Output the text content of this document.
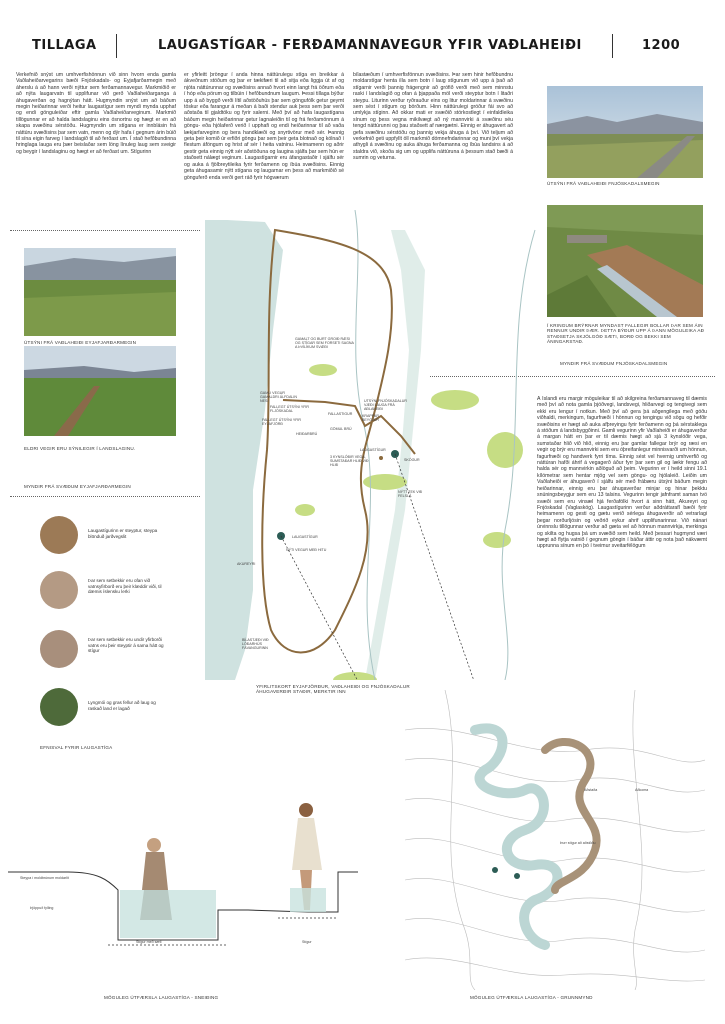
TILLAGA	LAUGASTÍGAR - FERÐAMANNAVEGUR YFIR VAÐLAHEIÐI	1200

Verkefnið snýst um umhverfishönnun við sinn hvorn enda gamla Vaðlaheiðarvegarins bæði Fnjóskadals- og Eyjafjarðarmegin með áherslu á að hann verði nýttur sem ferðamannavegur. Markmiðið er að nýta laugarvatn til upplifunar við gerð Vaðlaheiðarganga á áhugaverðan og hagnýtan hátt. Hugmyndin snýst um að báðum megin heiðarinnar verði heitur laugastígur sem myndi mynda upphaf og endi gönguleiðar eftir gamla Vaðlaheiðarveginum. Markmið tillögunnar er að halda landslaginu eins ósnortnu og hægt er en að skapa svæðinu sérstöðu. Hugmyndin um stígana er innblásin frá náttúru svæðisins þar sem vatn, menn og dýr hafa í gegnum árin búið til sína eigin farveg í landslagið til að ferðast um. Í stað hefðbundinna hringlaga lauga eru þær beislaðar sem löng línuleg laug sem sveigir og beygir í landslaginu og hægt er að ferðast um. Stígurinn

er yfirleitt þröngur í anda hinna náttúrulegu stíga en breikkar á ákveðnum stöðum og þar er tækifæri til að sitja eða liggja út af og njóta náttúrunnar og svæðisins annað hvort einn langt frá öðrum eða í hóp eða pörum og tilbúin í hefðbundnum laugum. Þessi tillaga býður upp á að byggð verði lítil aðstöðuhús þar sem göngufólk getur geymt töskur eða farangur á meðan á baði stendur auk þess sem þar verði aðstaða til gjaldtöku og fyrir salerni. Með því að hafa laugastígana báðum megin heiðarinnar getur lagnaleiðin til og frá ferðamönnum á göngu- eða hjólaferð verið í upphafi og endi heiðarinnar til að vaða lækjarfarveginn og bera handklæði og snyrtivörur með sér. Þannig geta þeir komið úr erfiðri göngu þar sem þeir geta blotnað og kólnað í flestum áföngum og hrist af sér í heita vatninu. Heimamenn og aðrir gestir geta einnig nýtt sér aðstöðuna og laugina sjálfa þar sem hún er staðsett nálægt veginum. Laugastígarnir eru áfangastaðir í sjálfu sér og auka á fjölbreytileika fyrir ferðamenn og íbúa svæðisins. Einnig geta áhugasamir nýtt stígana og laugarnar en þess að markmiðið sé gönguferð enda verði gert ráð fyrir hógværum

bílastæðum í umhverfisfönnun svæðisins. Þar sem hinir hefðbundnu moldarstígar henta illa sem botn í laug stígunum við upp á það að stígarnir verði þannig frágengnir að grófið verði með sem minnstu raski í landslagið og ofan á þjappaða möl verði steyptur botn í litaðri steypu. Liturinn verður ryðrauður eins og litur moldarinnar á svæðinu sem sést í stígum og börðum. Hinn náttúrulegi gróður fái svo að umlykja stíginn. Að okkar mati er svæðið stórkostlegt í einfaldleika sínum og þess vegna mikilvægt að ný mannvirki á svæðinu séu tengd náttúrunni og þau staðsett af nærgætni. Einnig er áhugavert að gefa svæðinu sérstöðu og þannig vekja áhuga á því. Við teljum að verkefnið geti uppfyllt öll markmið dómnefndarinnar og muni því vekja athygli á svæðinu og auka áhuga ferðamanna og íbúa landsins á að staldra við, skoða sig um og upplifa náttúruna á þessum stað bæði á sumrin og veturna.

ÚTSÝNI FRÁ VAÐLAHEIÐI FNJÓSKADALSMEGIN
Í KRINGUM BRÝRNAR MYNDAST FALLEGIR BOLLAR ÞAR SEM ÁIN RENNUR UNDIR ÞÆR. ÞETTA BÝÐUR UPP Á ÞANN MÖGULEIKA AÐ STAÐSETJA SKJÓLGÓÐ SÆTI, BORÐ OG BEKKI SEM ÁNINGARSTAÐ.
MYNDIR FRÁ SVÆÐUM FNJÓSKADALSMEGIN
ÚTSÝNI FRÁ VAÐLAHEIÐI EYJAFJARÐARMEGIN
ELDRI VEGIR ERU SÝNILEGIR Í LANDSLAGINU.
MYNDIR FRÁ SVÆÐUM EYJAFJARÐARMEGIN

Á Íslandi eru margir möguleikar til að skilgreina ferðamannaveg til dæmis með því að nota gamla þjóðvegi, landsvegi, hliðarvegi og tengivegi sem ekki eru lengur í notkun. Með því að gera þá aðgengilega með góðu viðhaldi, merkingum, fagurfræði í hönnun og tengingu við sögu og hefðir svæðisins er hægt að auka afþreyingu fyrir ferðamenn og þá sérstaklega á stöðum á landsbyggðinni. Gamli vegurinn yfir Vaðlaheiði er áhugaverður á margan hátt en þar er til dæmis hægt að sjá 3 kynslóðir vega, sumstaðar hlið við hlið, einnig eru þar gamlar fallegar brýr og ræsi en vegir og brýr eru mannvirki sem eru óþreifanlegur minnisvarði um hönnun, fagurfræði og handverk fyrri tíma. Einnig sést vel hvernig umhverfið og náttúran hafði áhrif á vegagerð áður fyrr þar sem gil og lækir fengu að halda sér og mannvirkin aðlöguð að þeim. Vegurinn er í heild sinni 19.1 kílómetrar sem hentar mjög vel sem göngu- og hjólaleið. Leiðin um Vaðlaheiði er áhugaverð í sjálfu sér með frábæru útsýni báðum megin heiðarinnar, einnig eru þar áhugaverðar minjar og hinar þekktu snúningsbeygjur sem eru 13 talsins. Vegurinn tengir jafnframt saman tvö svæði sem eru vinsæl hjá ferðafólki hvort á sinn hátt, Akureyri og Fnjóskadal (Vaglaskóg). Laugastígurinn verður aðdráttarafl bæði fyrir heimamenn og gesti og gætu verið sérlega áhugaverðir að vetrarlagi þegar norðurljósin og veðrið eykur ahrif upplifunarinnar. Við nánari úrvinnslu tillögunnar verður að gæta vel að hönnun mannvirkja, merkinga og skilta og hugsa þá um svæðið sem heild. Með þessari hugmynd væri hægt að flytja vatnið í gegnum göngin í báðar áttir og nota það nákvæmt upprunna sínum en þó í tveimur sveitarfélögum

Laugastígurinn er steyptur, steypa blönduð jarðvegslit
Þar sem setbekkir eru ofan við vatnsyfirborð eru þeir klæddir viði, til dæmis íslensku lerki
Þar sem setbekkir eru undir yfirborði vatns eru þeir steyptir á sama hátt og stígur
Lyngmói og gras fellur að laug og raskað land er lagað
EFNISVAL FYRIR LAUGASTÍGA
GAMALT OG BURT GROIÐ RÆSI OG STÍGAR SEM FORSETI SAGNA A ÞVÍLÍKUM SVÆÐI
GAMLI VEGUR GAMALDRI ÁLFDALIN NESI
FALLEGT ÚTSÝNI YFIR FLJÓSKADAL
FALLEGT ÚTSÝNI YFIR EYJAFJÖRÐ
FALLASTIGUR
UTSÝNI FNJÓSKADALUR VÆÐI LAUGA FRÁ AÐLAHEIÐI
KRAPPAR BEYGJUR
HEIÐARBRÚ
GÖMUL BRÚ
3 KYNSLÓÐIR VEGA, SUMSTAÐAR HLIÐ VIÐ HLIÐ
LAUGASTÍGUR
SKÓGUR
NÝTT TEK VIÐ FELSLÁ
LAUGASTÍGUR
NÝTI VEGUR MEÐ HITU
AKUREYRI
BÍLASTÆÐI VIÐ LÓÐARHÚS FÁVANGURINN
YFIRLITSKORT EYJAFJÖRÐUR, VAÐLAHEIÐI OG FNJÓSKADALUR ÁHUGAVERÐIR STAÐIR, MERKTIR INN
Aðstaða	Aðkoma
Þurr stígur að aðstöðu
MÖGULEG ÚTFÆRSLA LAUGASTÍGA - GRUNNMYND
Steypa í moldbrúnum moldarlit
Þjöppuð fylling
Stígur með sæti	Stígur
MÖGULEG ÚTFÆRSLA LAUGASTÍGA - SNEIÐING
